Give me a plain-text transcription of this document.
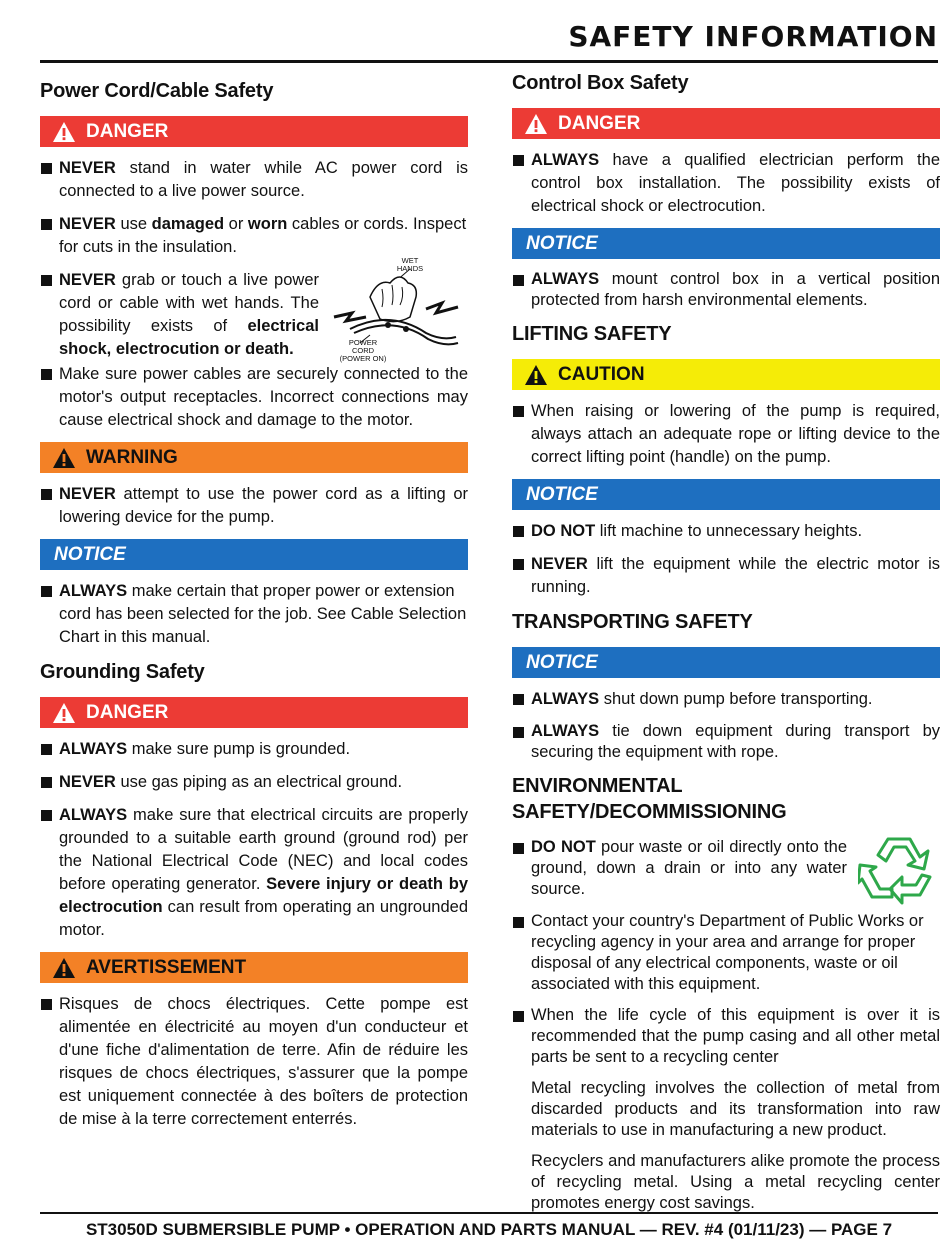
SAFETY INFORMATION
Power Cord/Cable Safety
DANGER

NEVER stand in water while AC power cord is connected to a live power source.

NEVER use damaged or worn cables or cords. Inspect for cuts in the insulation.

NEVER grab or touch a live power cord or cable with wet hands. The possibility exists of electrical shock, electrocution or death.

WET HANDS
POWER
CORD
(POWER ON)

Make sure power cables are securely connected to the motor's output receptacles. Incorrect connections may cause electrical shock and damage to the motor.

WARNING

NEVER attempt to use the power cord as a lifting or lowering device for the pump.

NOTICE

ALWAYS make certain that proper power or extension cord has been selected for the job. See Cable Selection Chart in this manual.

Grounding Safety
DANGER

ALWAYS make sure pump is grounded.

NEVER use gas piping as an electrical ground.

ALWAYS make sure that electrical circuits are properly grounded to a suitable earth ground (ground rod) per the National Electrical Code (NEC) and local codes before operating generator. Severe injury or death by electrocution can result from operating an ungrounded motor.

AVERTISSEMENT

Risques de chocs électriques. Cette pompe est alimentée en électricité au moyen d'un conducteur et d'une fiche d'alimentation de terre. Afin de réduire les risques de chocs électriques, s'assurer que la pompe est uniquement connectée à des boîters de protection de mise à la terre correctement enterrés.

Control Box Safety
DANGER

ALWAYS have a qualified electrician perform the control box installation. The possibility exists of electrical shock or electrocution.

NOTICE

ALWAYS mount control box in a vertical position protected from harsh environmental elements.

LIFTING SAFETY
CAUTION

When raising or lowering of the pump is required, always attach an adequate rope or lifting device to the correct lifting point (handle) on the pump.

NOTICE

DO NOT lift machine to unnecessary heights.

NEVER lift the equipment while the electric motor is running.

TRANSPORTING SAFETY
NOTICE

ALWAYS shut down pump before transporting.

ALWAYS tie down equipment during transport by securing the equipment with rope.

ENVIRONMENTAL SAFETY/DECOMMISSIONING

DO NOT pour waste or oil directly onto the ground, down a drain or into any water source.

Contact your country's Department of Public Works or recycling agency in your area and arrange for proper disposal of any electrical components, waste or oil associated with this equipment.

When the life cycle of this equipment is over it is recommended that the pump casing and all other metal parts be sent to a recycling center

Metal recycling involves the collection of metal from discarded products and its transformation into raw materials to use in manufacturing a new product.

Recyclers and manufacturers alike promote the process of recycling metal. Using a metal recycling center promotes energy cost savings.

ST3050D SUBMERSIBLE PUMP • OPERATION AND PARTS MANUAL — REV. #4 (01/11/23) — PAGE 7
